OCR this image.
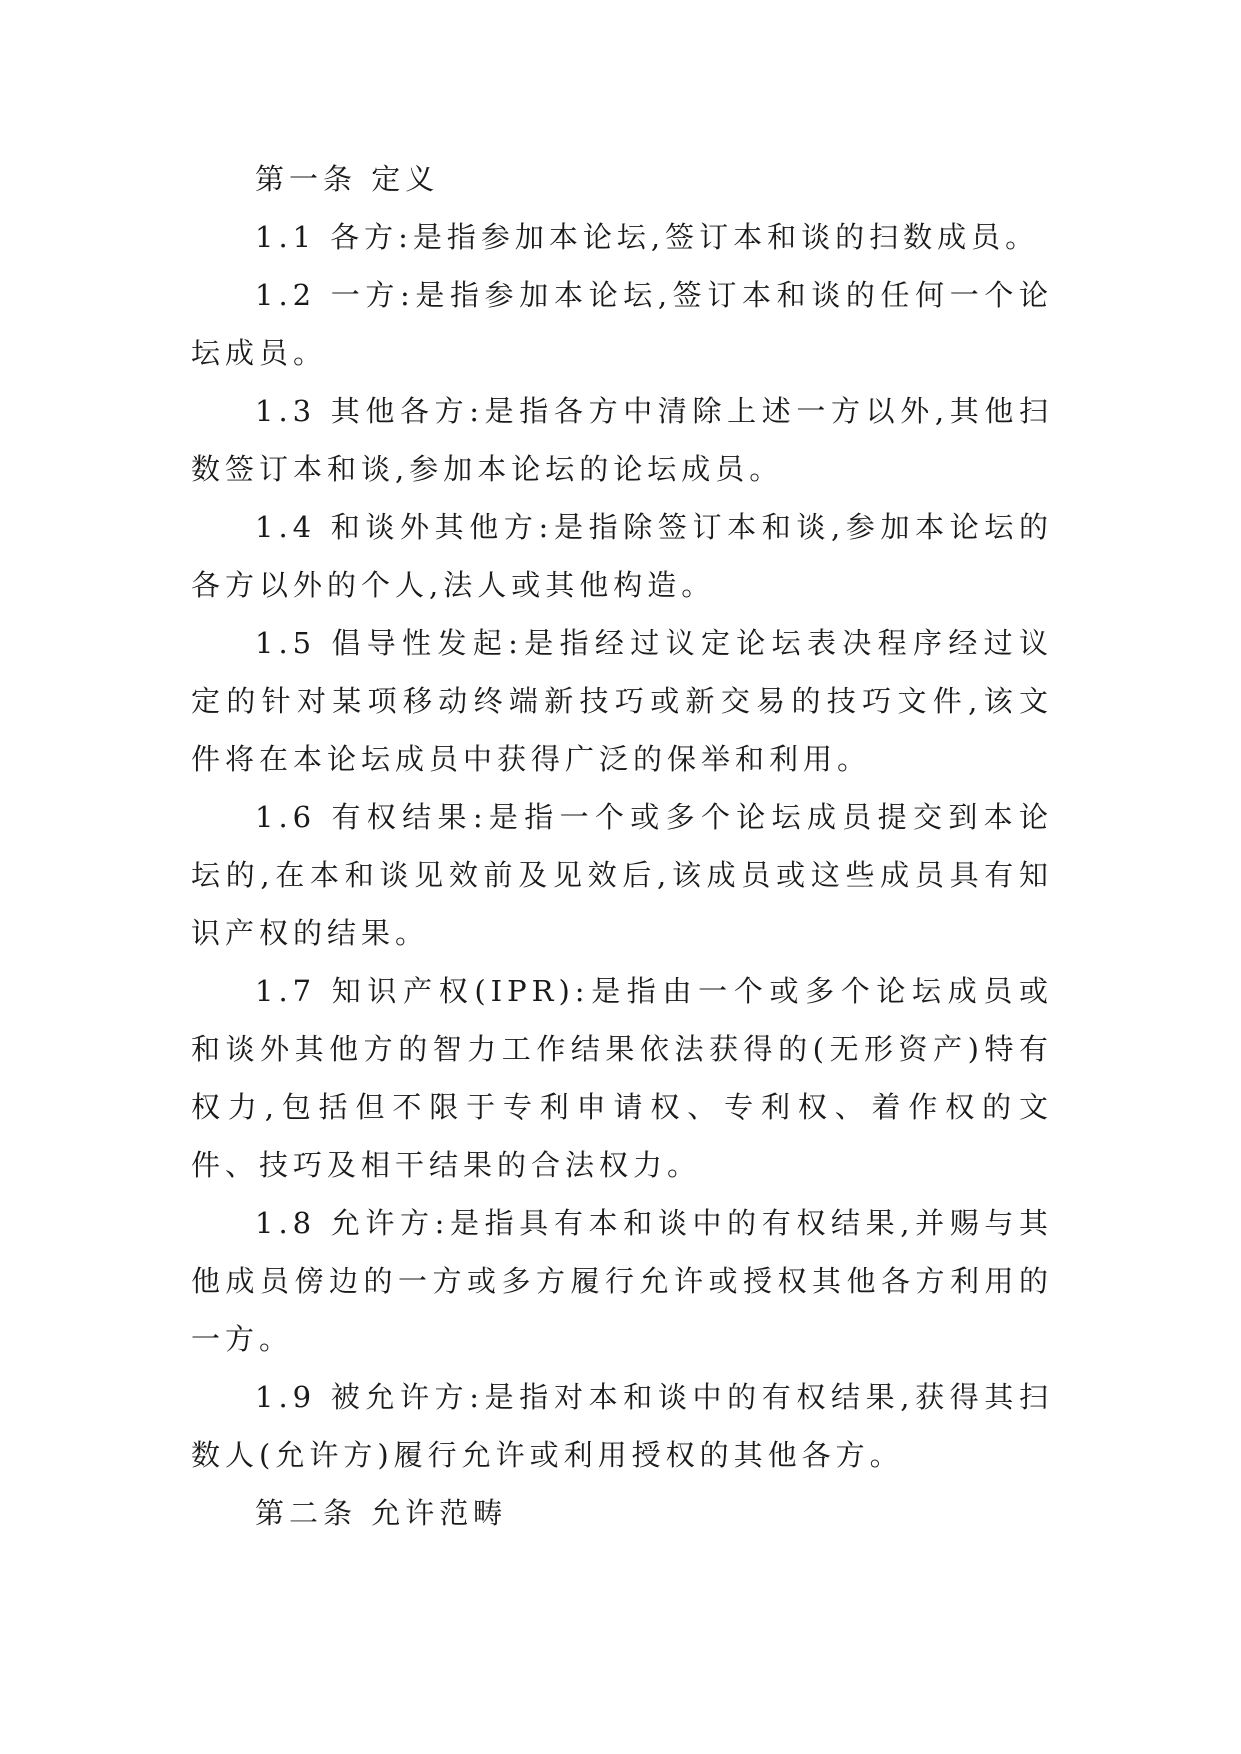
第一条 定义

1.1 各方:是指参加本论坛,签订本和谈的扫数成员。

1.2 一方:是指参加本论坛,签订本和谈的任何一个论坛成员。

1.3 其他各方:是指各方中清除上述一方以外,其他扫数签订本和谈,参加本论坛的论坛成员。

1.4 和谈外其他方:是指除签订本和谈,参加本论坛的各方以外的个人,法人或其他构造。

1.5 倡导性发起:是指经过议定论坛表决程序经过议定的针对某项移动终端新技巧或新交易的技巧文件,该文件将在本论坛成员中获得广泛的保举和利用。

1.6 有权结果:是指一个或多个论坛成员提交到本论坛的,在本和谈见效前及见效后,该成员或这些成员具有知识产权的结果。

1.7 知识产权(IPR):是指由一个或多个论坛成员或和谈外其他方的智力工作结果依法获得的(无形资产)特有权力,包括但不限于专利申请权、专利权、着作权的文件、技巧及相干结果的合法权力。

1.8 允许方:是指具有本和谈中的有权结果,并赐与其他成员傍边的一方或多方履行允许或授权其他各方利用的一方。

1.9 被允许方:是指对本和谈中的有权结果,获得其扫数人(允许方)履行允许或利用授权的其他各方。

第二条 允许范畴
